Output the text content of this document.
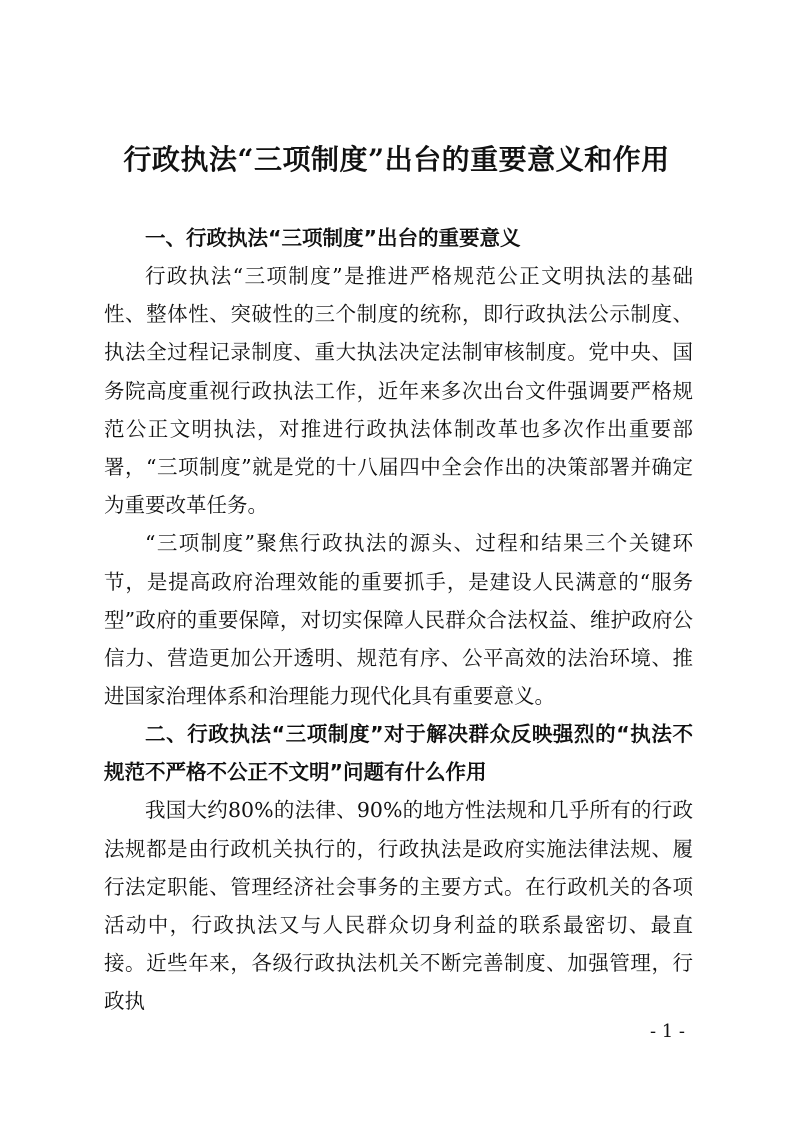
行政执法“三项制度”出台的重要意义和作用
一、行政执法“三项制度”出台的重要意义

行政执法“三项制度”是推进严格规范公正文明执法的基础性、整体性、突破性的三个制度的统称，即行政执法公示制度、执法全过程记录制度、重大执法决定法制审核制度。党中央、国务院高度重视行政执法工作，近年来多次出台文件强调要严格规范公正文明执法，对推进行政执法体制改革也多次作出重要部署，“三项制度”就是党的十八届四中全会作出的决策部署并确定为重要改革任务。

“三项制度”聚焦行政执法的源头、过程和结果三个关键环节，是提高政府治理效能的重要抓手，是建设人民满意的“服务型”政府的重要保障，对切实保障人民群众合法权益、维护政府公信力、营造更加公开透明、规范有序、公平高效的法治环境、推进国家治理体系和治理能力现代化具有重要意义。

二、行政执法“三项制度”对于解决群众反映强烈的“执法不规范不严格不公正不文明”问题有什么作用

我国大约80%的法律、90%的地方性法规和几乎所有的行政法规都是由行政机关执行的，行政执法是政府实施法律法规、履行法定职能、管理经济社会事务的主要方式。在行政机关的各项活动中，行政执法又与人民群众切身利益的联系最密切、最直接。近些年来，各级行政执法机关不断完善制度、加强管理，行政执

- 1 -
